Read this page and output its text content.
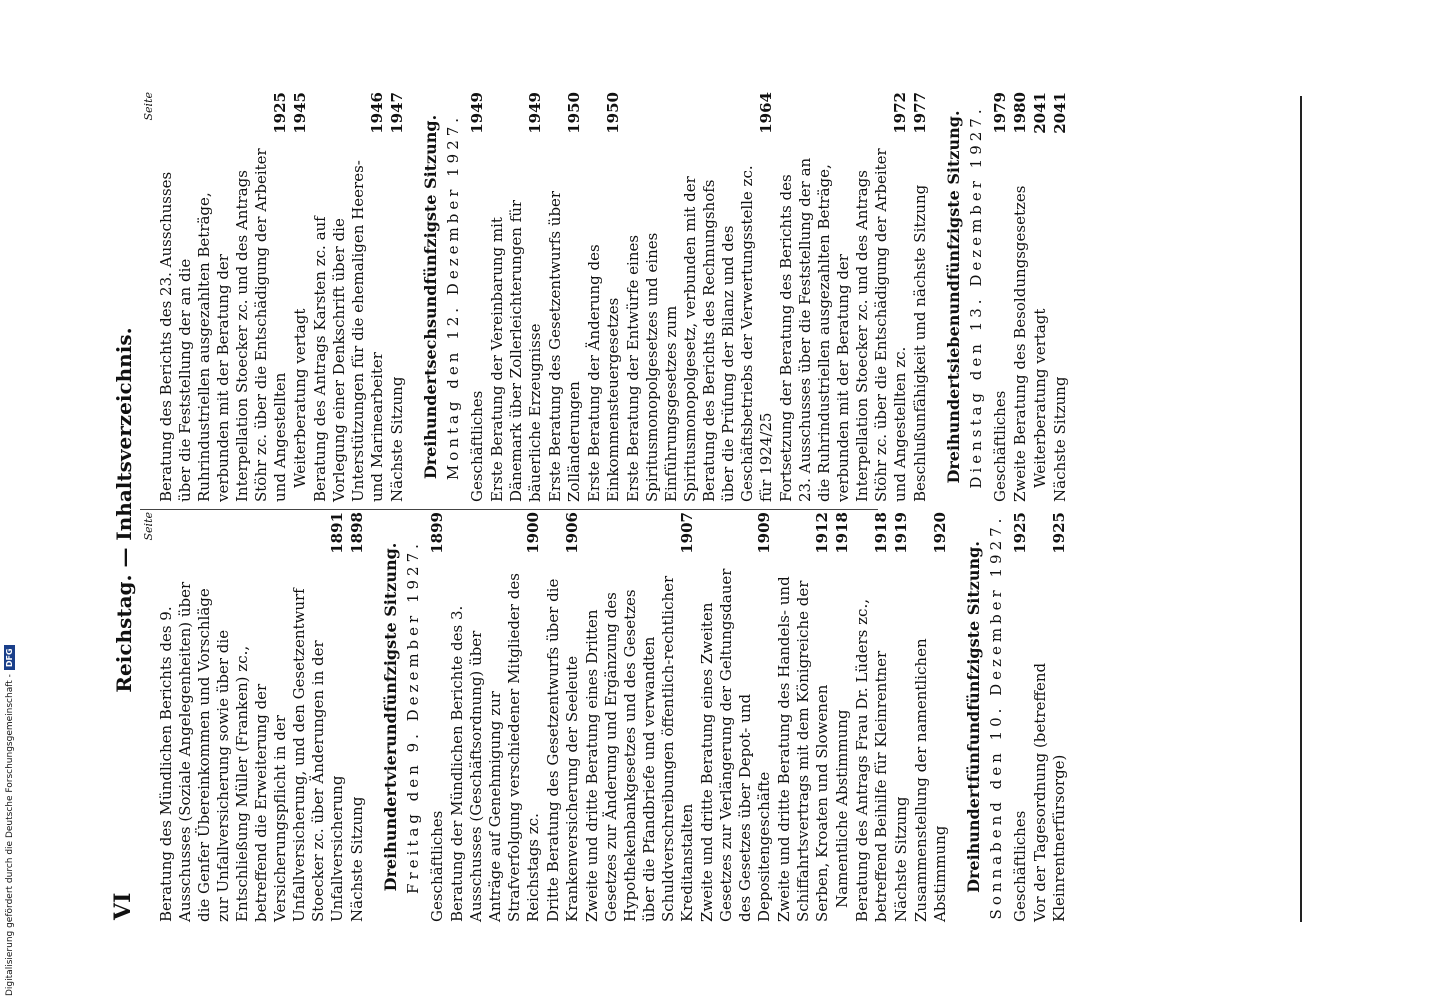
VI
Reichstag. — Inhaltsverzeichnis. Seite
Beratung des Mündlichen Berichts des 9. Ausschusses (Soziale Angelegenheiten) über die Genfer Übereinkommen und Vorschläge zur Unfallversicherung sowie über die Entschließung Müller (Franken) zc., betreffend die Erweiterung der Versicherungspflicht in der Unfallversicherung, und den Gesetzentwurf Stoecker zc. über Änderungen in der Unfallversicherung
1891
Nächste Sitzung
1898
Dreihundertvierundfünfzigste Sitzung. Freitag den 9. Dezember 1927. Geschäftliches
1899
Beratung der Mündlichen Berichte des 3. Ausschusses (Geschäftsordnung) über Anträge auf Genehmigung zur Strafverfolgung verschiedener Mitglieder des Reichstags zc.
1900
Dritte Beratung des Gesetzentwurfs über die Krankenversicherung der Seeleute
1906
Zweite und dritte Beratung eines Dritten Gesetzes zur Änderung und Ergänzung des Hypothekenbankgesetzes und des Gesetzes über die Pfandbriefe und verwandten Schuldverschreibungen öffentlich-rechtlicher Kreditanstalten
1907
Zweite und dritte Beratung eines Zweiten Gesetzes zur Verlängerung der Geltungsdauer des Gesetzes über Depot- und Depositengeschäfte
1909
Zweite und dritte Beratung des Handels- und Schiffahrtsvertrags mit dem Königreiche der Serben, Kroaten und Slowenen
1912
Namentliche Abstimmung
1918
Beratung des Antrags Frau Dr. Lüders zc., betreffend Beihilfe für Kleinrentner
1918
Nächste Sitzung
1919
Zusammenstellung der namentlichen Abstimmung
1920
Dreihundertfünfundfünfzigste Sitzung. Sonnabend den 10. Dezember 1927. Geschäftliches
1925
Vor der Tagesordnung (betreffend Kleinrentnerfürsorge)
1925
Seite
Beratung des Berichts des 23. Ausschusses über die Feststellung der an die Ruhrindustriellen ausgezahlten Beträge, verbunden mit der Beratung der Interpellation Stoecker zc. und des Antrags Stöhr zc. über die Entschädigung der Arbeiter und Angestellten
1925
Weiterberatung vertagt
1945
Beratung des Antrags Karsten zc. auf Vorlegung einer Denkschrift über die Unterstützungen für die ehemaligen Heeres- und Marinearbeiter
1946
Nächste Sitzung
1947
Dreihundertsechsundfünfzigste Sitzung. Montag den 12. Dezember 1927. Geschäftliches
1949
Erste Beratung der Vereinbarung mit Dänemark über Zollerleichterungen für bäuerliche Erzeugnisse
1949
Erste Beratung des Gesetzentwurfs über Zolländerungen
1950
Erste Beratung der Änderung des Einkommensteuergesetzes
1950
Erste Beratung der Entwürfe eines Spiritusmonopolgesetzes und eines Einführungsgesetzes zum Spiritusmonopolgesetz, verbunden mit der Beratung des Berichts des Rechnungshofs über die Prüfung der Bilanz und des Geschäftsbetriebs der Verwertungsstelle zc. für 1924/25
1964
Fortsetzung der Beratung des Berichts des 23. Ausschusses über die Feststellung der an die Ruhrindustriellen ausgezahlten Beträge, verbunden mit der Beratung der Interpellation Stoecker zc. und des Antrags Stöhr zc. über die Entschädigung der Arbeiter und Angestellten zc.
1972
Beschlußunfähigkeit und nächste Sitzung
1977 Dreihundertsiebenundfünfzigste Sitzung. Dienstag den 13. Dezember 1927. Geschäftliches
1979
Zweite Beratung des Besoldungsgesetzes
1980
Weiterberatung vertagt
2041
Nächste Sitzung
2041
Digitalisierung gefördert durch die Deutsche Forschungsgemeinschaft -DFG
